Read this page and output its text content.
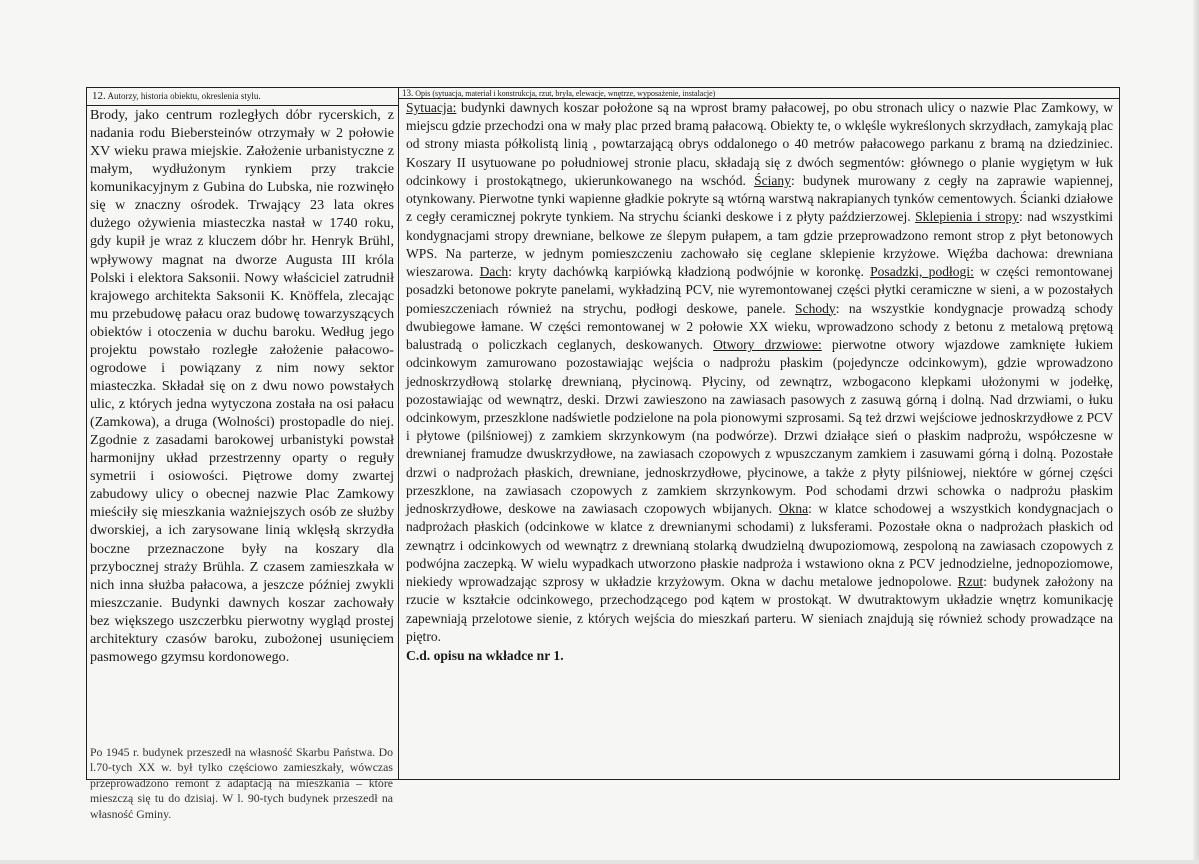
12. Autorzy, historia obiektu, okreslenia stylu.
Brody, jako centrum rozległych dóbr rycerskich, z nadania rodu Biebersteinów otrzymały w 2 połowie XV wieku prawa miejskie. Założenie urbanistyczne z małym, wydłużonym rynkiem przy trakcie komunikacyjnym z Gubina do Lubska, nie rozwinęło się w znaczny ośrodek. Trwający 23 lata okres dużego ożywienia miasteczka nastał w 1740 roku, gdy kupił je wraz z kluczem dóbr hr. Henryk Brühl, wpływowy magnat na dworze Augusta III króla Polski i elektora Saksonii. Nowy właściciel zatrudnił krajowego architekta Saksonii K. Knöffela, zlecając mu przebudowę pałacu oraz budowę towarzyszących obiektów i otoczenia w duchu baroku. Według jego projektu powstało rozległe założenie pałacowo-ogrodowe i powiązany z nim nowy sektor miasteczka. Składał się on z dwu nowo powstałych ulic, z których jedna wytyczona została na osi pałacu (Zamkowa), a druga (Wolności) prostopadle do niej. Zgodnie z zasadami barokowej urbanistyki powstał harmonijny układ przestrzenny oparty o reguły symetrii i osiowości. Piętrowe domy zwartej zabudowy ulicy o obecnej nazwie Plac Zamkowy mieściły się mieszkania ważniejszych osób ze służby dworskiej, a ich zarysowane linią wklęsłą skrzydła boczne przeznaczone były na koszary dla przybocznej straży Brühla. Z czasem zamieszkała w nich inna służba pałacowa, a jeszcze później zwykli mieszczanie. Budynki dawnych koszar zachowały bez większego uszczerbku pierwotny wygląd prostej architektury czasów baroku, zubożonej usunięciem pasmowego gzymsu kordonowego.
Po 1945 r. budynek przeszedł na własność Skarbu Państwa. Do l.70-tych XX w. był tylko częściowo zamieszkały, wówczas przeprowadzono remont z adaptacją na mieszkania – które mieszczą się tu do dzisiaj. W l. 90-tych budynek przeszedł na własność Gminy.
13. Opis (sytuacja, materiał i konstrukcja, rzut, bryła, elewacje, wnętrze, wyposażenie, instalacje)
Sytuacja: budynki dawnych koszar położone są na wprost bramy pałacowej, po obu stronach ulicy o nazwie Plac Zamkowy, w miejscu gdzie przechodzi ona w mały plac przed bramą pałacową. Obiekty te, o wklęśle wykreślonych skrzydłach, zamykają plac od strony miasta półkolistą linią , powtarzającą obrys oddalonego o 40 metrów pałacowego parkanu z bramą na dziedziniec. Koszary II usytuowane po południowej stronie placu, składają się z dwóch segmentów: głównego o planie wygiętym w łuk odcinkowy i prostokątnego, ukierunkowanego na wschód. Ściany: budynek murowany z cegły na zaprawie wapiennej, otynkowany. Pierwotne tynki wapienne gładkie pokryte są wtórną warstwą nakrapianych tynków cementowych. Ścianki działowe z cegły ceramicznej pokryte tynkiem. Na strychu ścianki deskowe i z płyty paździerzowej. Sklepienia i stropy: nad wszystkimi kondygnacjami stropy drewniane, belkowe ze ślepym pułapem, a tam gdzie przeprowadzono remont strop z płyt betonowych WPS. Na parterze, w jednym pomieszczeniu zachowało się ceglane sklepienie krzyżowe. Więźba dachowa: drewniana wieszarowa. Dach: kryty dachówką karpiówką kładzioną podwójnie w koronkę. Posadzki, podłogi: w części remontowanej posadzki betonowe pokryte panelami, wykładziną PCV, nie wyremontowanej części płytki ceramiczne w sieni, a w pozostałych pomieszczeniach również na strychu, podłogi deskowe, panele. Schody: na wszystkie kondygnacje prowadzą schody dwubiegowe łamane. W części remontowanej w 2 połowie XX wieku, wprowadzono schody z betonu z metalową prętową balustradą o policzkach ceglanych, deskowanych. Otwory drzwiowe: pierwotne otwory wjazdowe zamknięte łukiem odcinkowym zamurowano pozostawiając wejścia o nadprożu płaskim (pojedyncze odcinkowym), gdzie wprowadzono jednoskrzydłową stolarkę drewnianą, płycinową. Płyciny, od zewnątrz, wzbogacono klepkami ułożonymi w jodełkę, pozostawiając od wewnątrz, deski. Drzwi zawieszono na zawiasach pasowych z zasuwą górną i dolną. Nad drzwiami, o łuku odcinkowym, przeszklone nadświetle podzielone na pola pionowymi szprosami. Są też drzwi wejściowe jednoskrzydłowe z PCV i płytowe (pilśniowej) z zamkiem skrzynkowym (na podwórze). Drzwi działące sień o płaskim nadprożu, współczesne w drewnianej framudze dwuskrzydłowe, na zawiasach czopowych z wpuszczanym zamkiem i zasuwami górną i dolną. Pozostałe drzwi o nadprożach płaskich, drewniane, jednoskrzydłowe, płycinowe, a także z płyty pilśniowej, niektóre w górnej części przeszklone, na zawiasach czopowych z zamkiem skrzynkowym. Pod schodami drzwi schowka o nadprożu płaskim jednoskrzydłowe, deskowe na zawiasach czopowych wbijanych. Okna: w klatce schodowej a wszystkich kondygnacjach o nadprożach płaskich (odcinkowe w klatce z drewnianymi schodami) z luksferami. Pozostałe okna o nadprożach płaskich od zewnątrz i odcinkowych od wewnątrz z drewnianą stolarką dwudzielną dwupoziomową, zespoloną na zawiasach czopowych z podwójna zaczepką. W wielu wypadkach utworzono płaskie nadproża i wstawiono okna z PCV jednodzielne, jednopoziomowe, niekiedy wprowadzając szprosy w układzie krzyżowym. Okna w dachu metalowe jednopolowe. Rzut: budynek założony na rzucie w kształcie odcinkowego, przechodzącego pod kątem w prostokąt. W dwutraktowym układzie wnętrz komunikację zapewniają przelotowe sienie, z których wejścia do mieszkań parteru. W sieniach znajdują się również schody prowadzące na piętro.
C.d. opisu na wkładce nr 1.
